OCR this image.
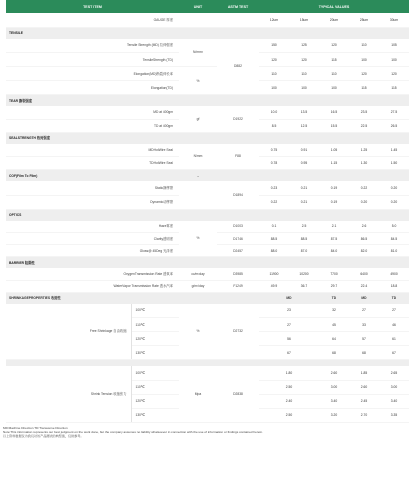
TEST ITEM		UNIT	ASTM TEST	TYPICAL VALUES				
GAUGE 厚度				12um	15um	20um	25um	30um
TENSILE								
Tensile Strength (MD) 拉伸强度		N/mm²	D882	150	125	120	110	105
TensileStrength (TD)				120	120	115	100	100
Elongation(MD)断裂伸长率		%		110	110	110	120	120
Elongation(TD)				100	100	100	115	115
TEAR 撕裂强度								
MD at 400gm		gf	D1922	10.0	13.5	16.5	23.5	27.5
TD at 400gm				8.5	12.5	15.5	22.5	26.5
SEALSTRENGTH 热封强度								
MDHotWire Seal		N/mm	F88	0.75	0.91	1.05	1.25	1.45
TDHotWire Seal				0.78	0.95	1.15	1.30	1.50
COF(Film To Film)		-						
Static静摩擦			D1894	0.23	0.21	0.19	0.22	0.20
Dynamic动摩擦				0.22	0.21	0.19	0.20	0.20
OPTICS								
Haze雾度		%	D1003	0.1	2.5	2.1	2.6	5.0
Clarity透明度			D1746	88.5	88.5	87.5	86.5	84.5
Gloss@ 45Deg 光泽度			D2457	88.0	87.0	84.0	82.0	81.0
BARRIER 阻隔性								
OxygenTransmission Rate 透氧率		cc/m²day	D3985	11900	10200	7700	6400	4900
WaterVapor Transmission Rate 透水汽率		g/m²/day	F1249	49.9	36.7	29.7	22.4	18.8
SHRINKAGEPROPERTIES 收缩性				MD		TD	MD	TD
Free Shrinkage 自由收缩	100℃	%	D2732	23		32	27	27
	110℃			27		45	33	46
	120℃			56		64	57	61
	130℃			67		68	68	67

Shrink Tension 收缩张力	100℃	Mpa	D2838	1.80		2.60	1.85	2.65
	110℃			2.50		3.00	2.60	3.00
	120℃			2.40		3.40	2.45	3.40
	130℃			2.50		3.20	2.70	3.35
MD:Machine Direction TD:Transverse Direction
Note:This information represents our best judgment on the work done, but the company assumes no liability whatsoever in connection with the use of information or findings contained herein.
以上资料数据仅为我们对该产品测试的典型值，仅供参考。
